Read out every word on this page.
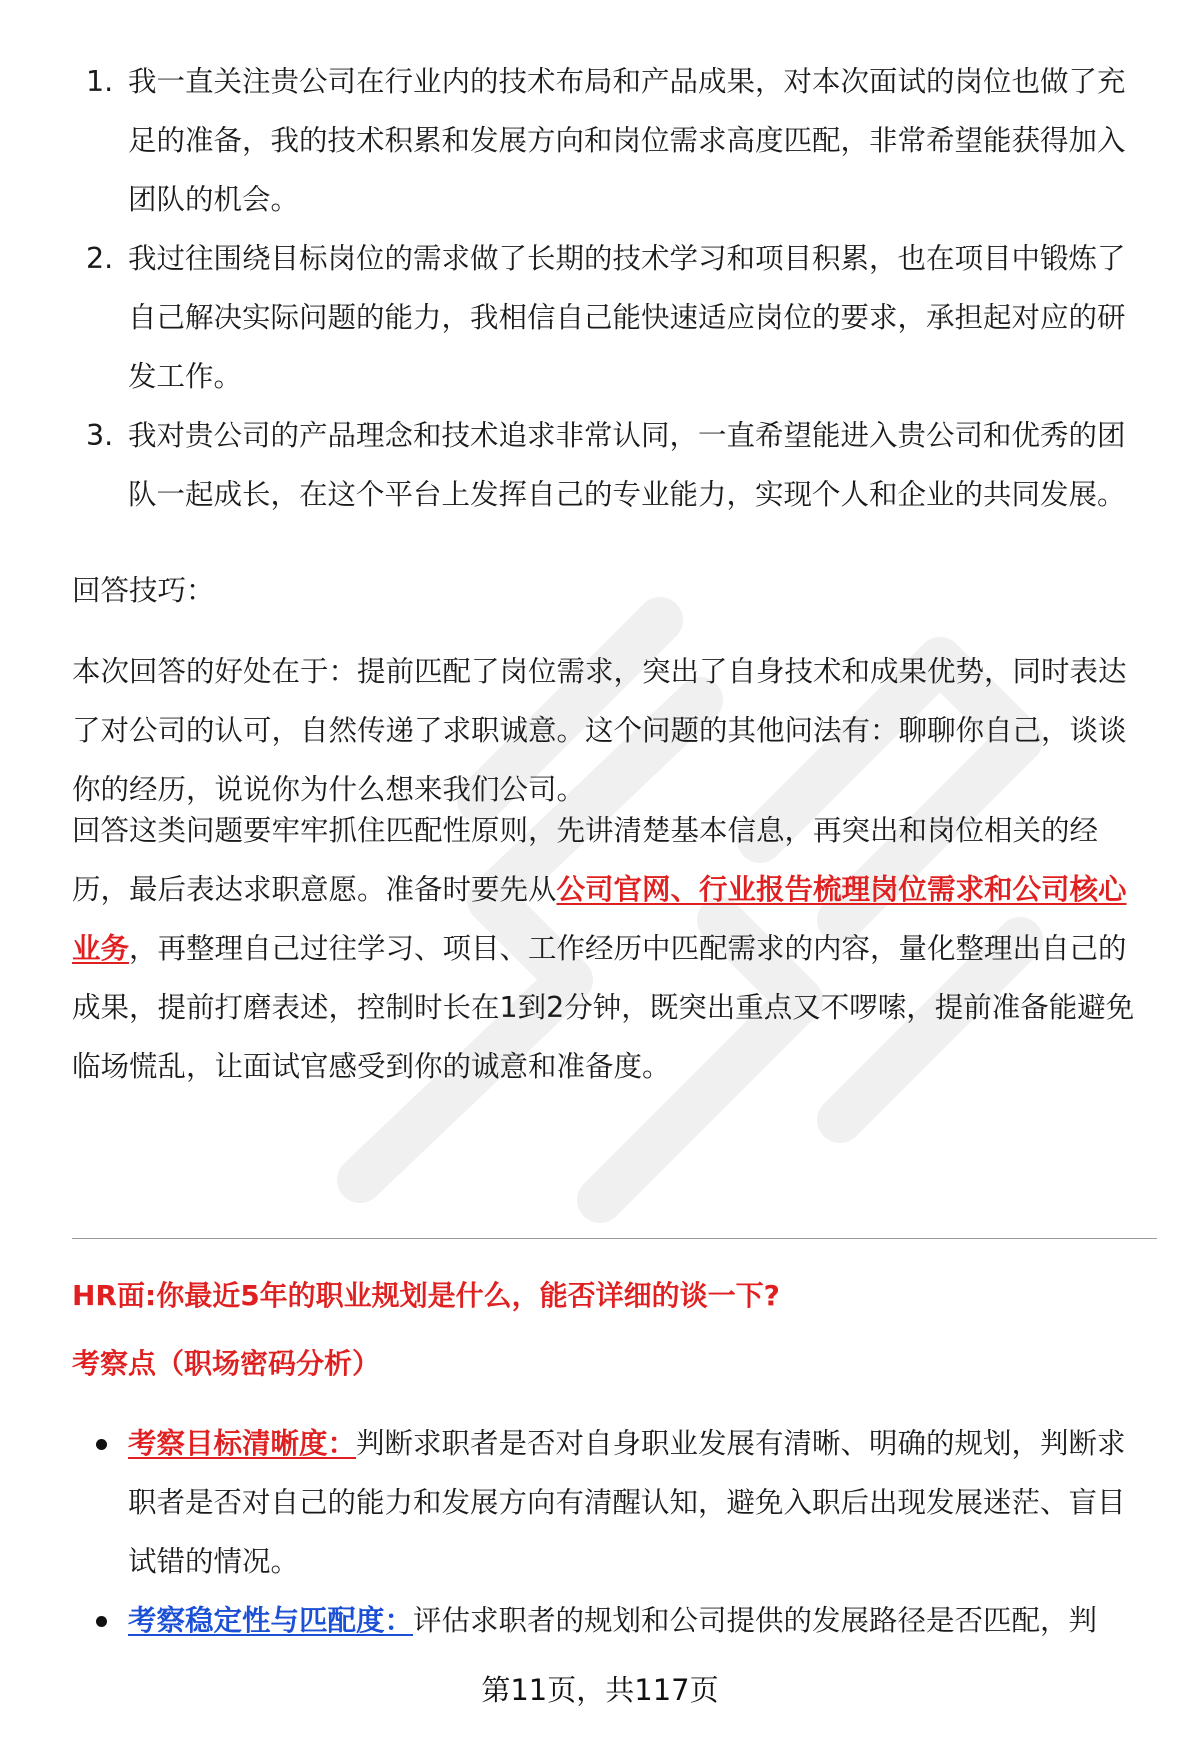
1. 我一直关注贵公司在行业内的技术布局和产品成果，对本次面试的岗位也做了充足的准备，我的技术积累和发展方向和岗位需求高度匹配，非常希望能获得加入团队的机会。
2. 我过往围绕目标岗位的需求做了长期的技术学习和项目积累，也在项目中锻炼了自己解决实际问题的能力，我相信自己能快速适应岗位的要求，承担起对应的研发工作。
3. 我对贵公司的产品理念和技术追求非常认同，一直希望能进入贵公司和优秀的团队一起成长，在这个平台上发挥自己的专业能力，实现个人和企业的共同发展。

回答技巧：

本次回答的好处在于：提前匹配了岗位需求，突出了自身技术和成果优势，同时表达了对公司的认可，自然传递了求职诚意。这个问题的其他问法有：聊聊你自己，谈谈你的经历，说说你为什么想来我们公司。

回答这类问题要牢牢抓住匹配性原则，先讲清楚基本信息，再突出和岗位相关的经历，最后表达求职意愿。准备时要先从公司官网、行业报告梳理岗位需求和公司核心业务，再整理自己过往学习、项目、工作经历中匹配需求的内容，量化整理出自己的成果，提前打磨表述，控制时长在1到2分钟，既突出重点又不啰嗦，提前准备能避免临场慌乱，让面试官感受到你的诚意和准备度。

HR面:你最近5年的职业规划是什么，能否详细的谈一下?
考察点（职场密码分析）
考察目标清晰度：判断求职者是否对自身职业发展有清晰、明确的规划，判断求职者是否对自己的能力和发展方向有清醒认知，避免入职后出现发展迷茫、盲目试错的情况。
考察稳定性与匹配度：评估求职者的规划和公司提供的发展路径是否匹配，判
第11页，共117页
